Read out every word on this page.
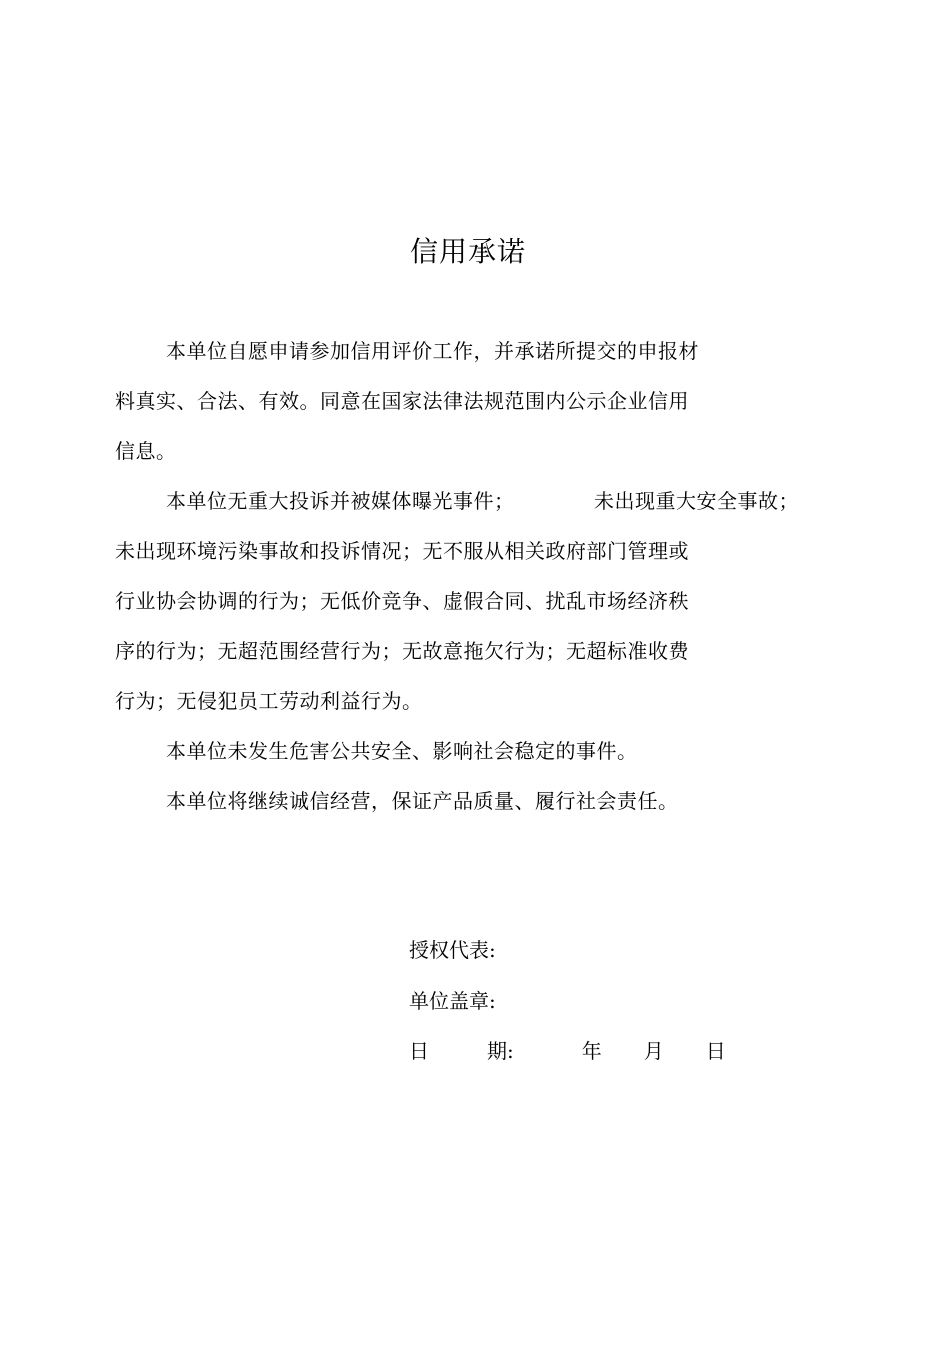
信用承诺
本单位自愿申请参加信用评价工作，并承诺所提交的申报材
料真实、合法、有效。同意在国家法律法规范围内公示企业信用
信息。
本单位无重大投诉并被媒体曝光事件；	未出现重大安全事故；
未出现环境污染事故和投诉情况；无不服从相关政府部门管理或
行业协会协调的行为；无低价竞争、虚假合同、扰乱市场经济秩
序的行为；无超范围经营行为；无故意拖欠行为；无超标准收费
行为；无侵犯员工劳动利益行为。
本单位未发生危害公共安全、影响社会稳定的事件。
本单位将继续诚信经营，保证产品质量、履行社会责任。
授权代表:
单位盖章:
日	期:	年 月 日
